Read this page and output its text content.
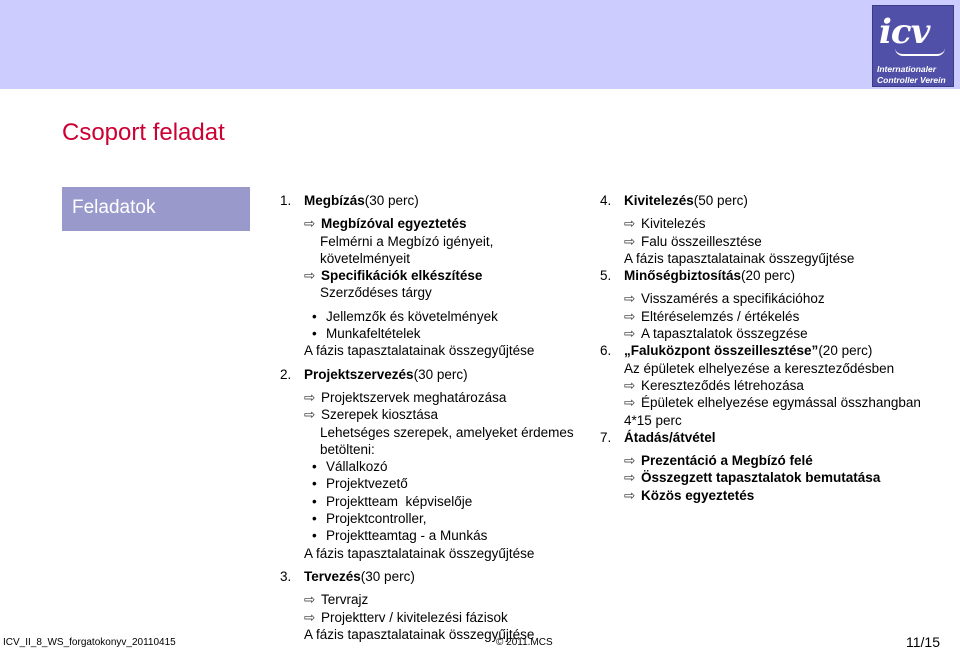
icv
Internationaler
Controller Verein
Csoport feladat
Feladatok	1. Megbízás (30 perc)
⇨ Megbízóval egyeztetés
Felmérni a Megbízó igényeit,
követelményeit
⇨ Specifikációk elkészítése
Szerződéses tárgy
• Jellemzők és követelmények
• Munkafeltételek
A fázis tapasztalatainak összegyűjtése
2. Projektszervezés (30 perc)
⇨ Projektszervek meghatározása
⇨ Szerepek kiosztása
Lehetséges szerepek, amelyeket érdemes
betölteni:
• Vállalkozó
• Projektvezető
• Projektteam  képviselője
• Projektcontroller,
• Projektteamtag - a Munkás
A fázis tapasztalatainak összegyűjtése
3. Tervezés (30 perc)
⇨ Tervrajz
⇨ Projektterv / kivitelezési fázisok
A fázis tapasztalatainak összegyűjtése
4. Kivitelezés (50 perc)
⇨ Kivitelezés
⇨ Falu összeillesztése
A fázis tapasztalatainak összegyűjtése
5. Minőségbiztosítás (20 perc)
⇨ Visszamérés a specifikációhoz
⇨ Eltéréselemzés / értékelés
⇨ A tapasztalatok összegzése
6. „Faluközpont összeillesztése” (20 perc)
Az épületek elhelyezése a kereszteződésben
⇨ Kereszteződés létrehozása
⇨ Épületek elhelyezése egymással összhangban
4*15 perc
7. Átadás/átvétel
⇨ Prezentáció a Megbízó felé
⇨ Összegzett tapasztalatok bemutatása
⇨ Közös egyeztetés
ICV_II_8_WS_forgatokonyv_20110415	© 2011.MCS	11/15
